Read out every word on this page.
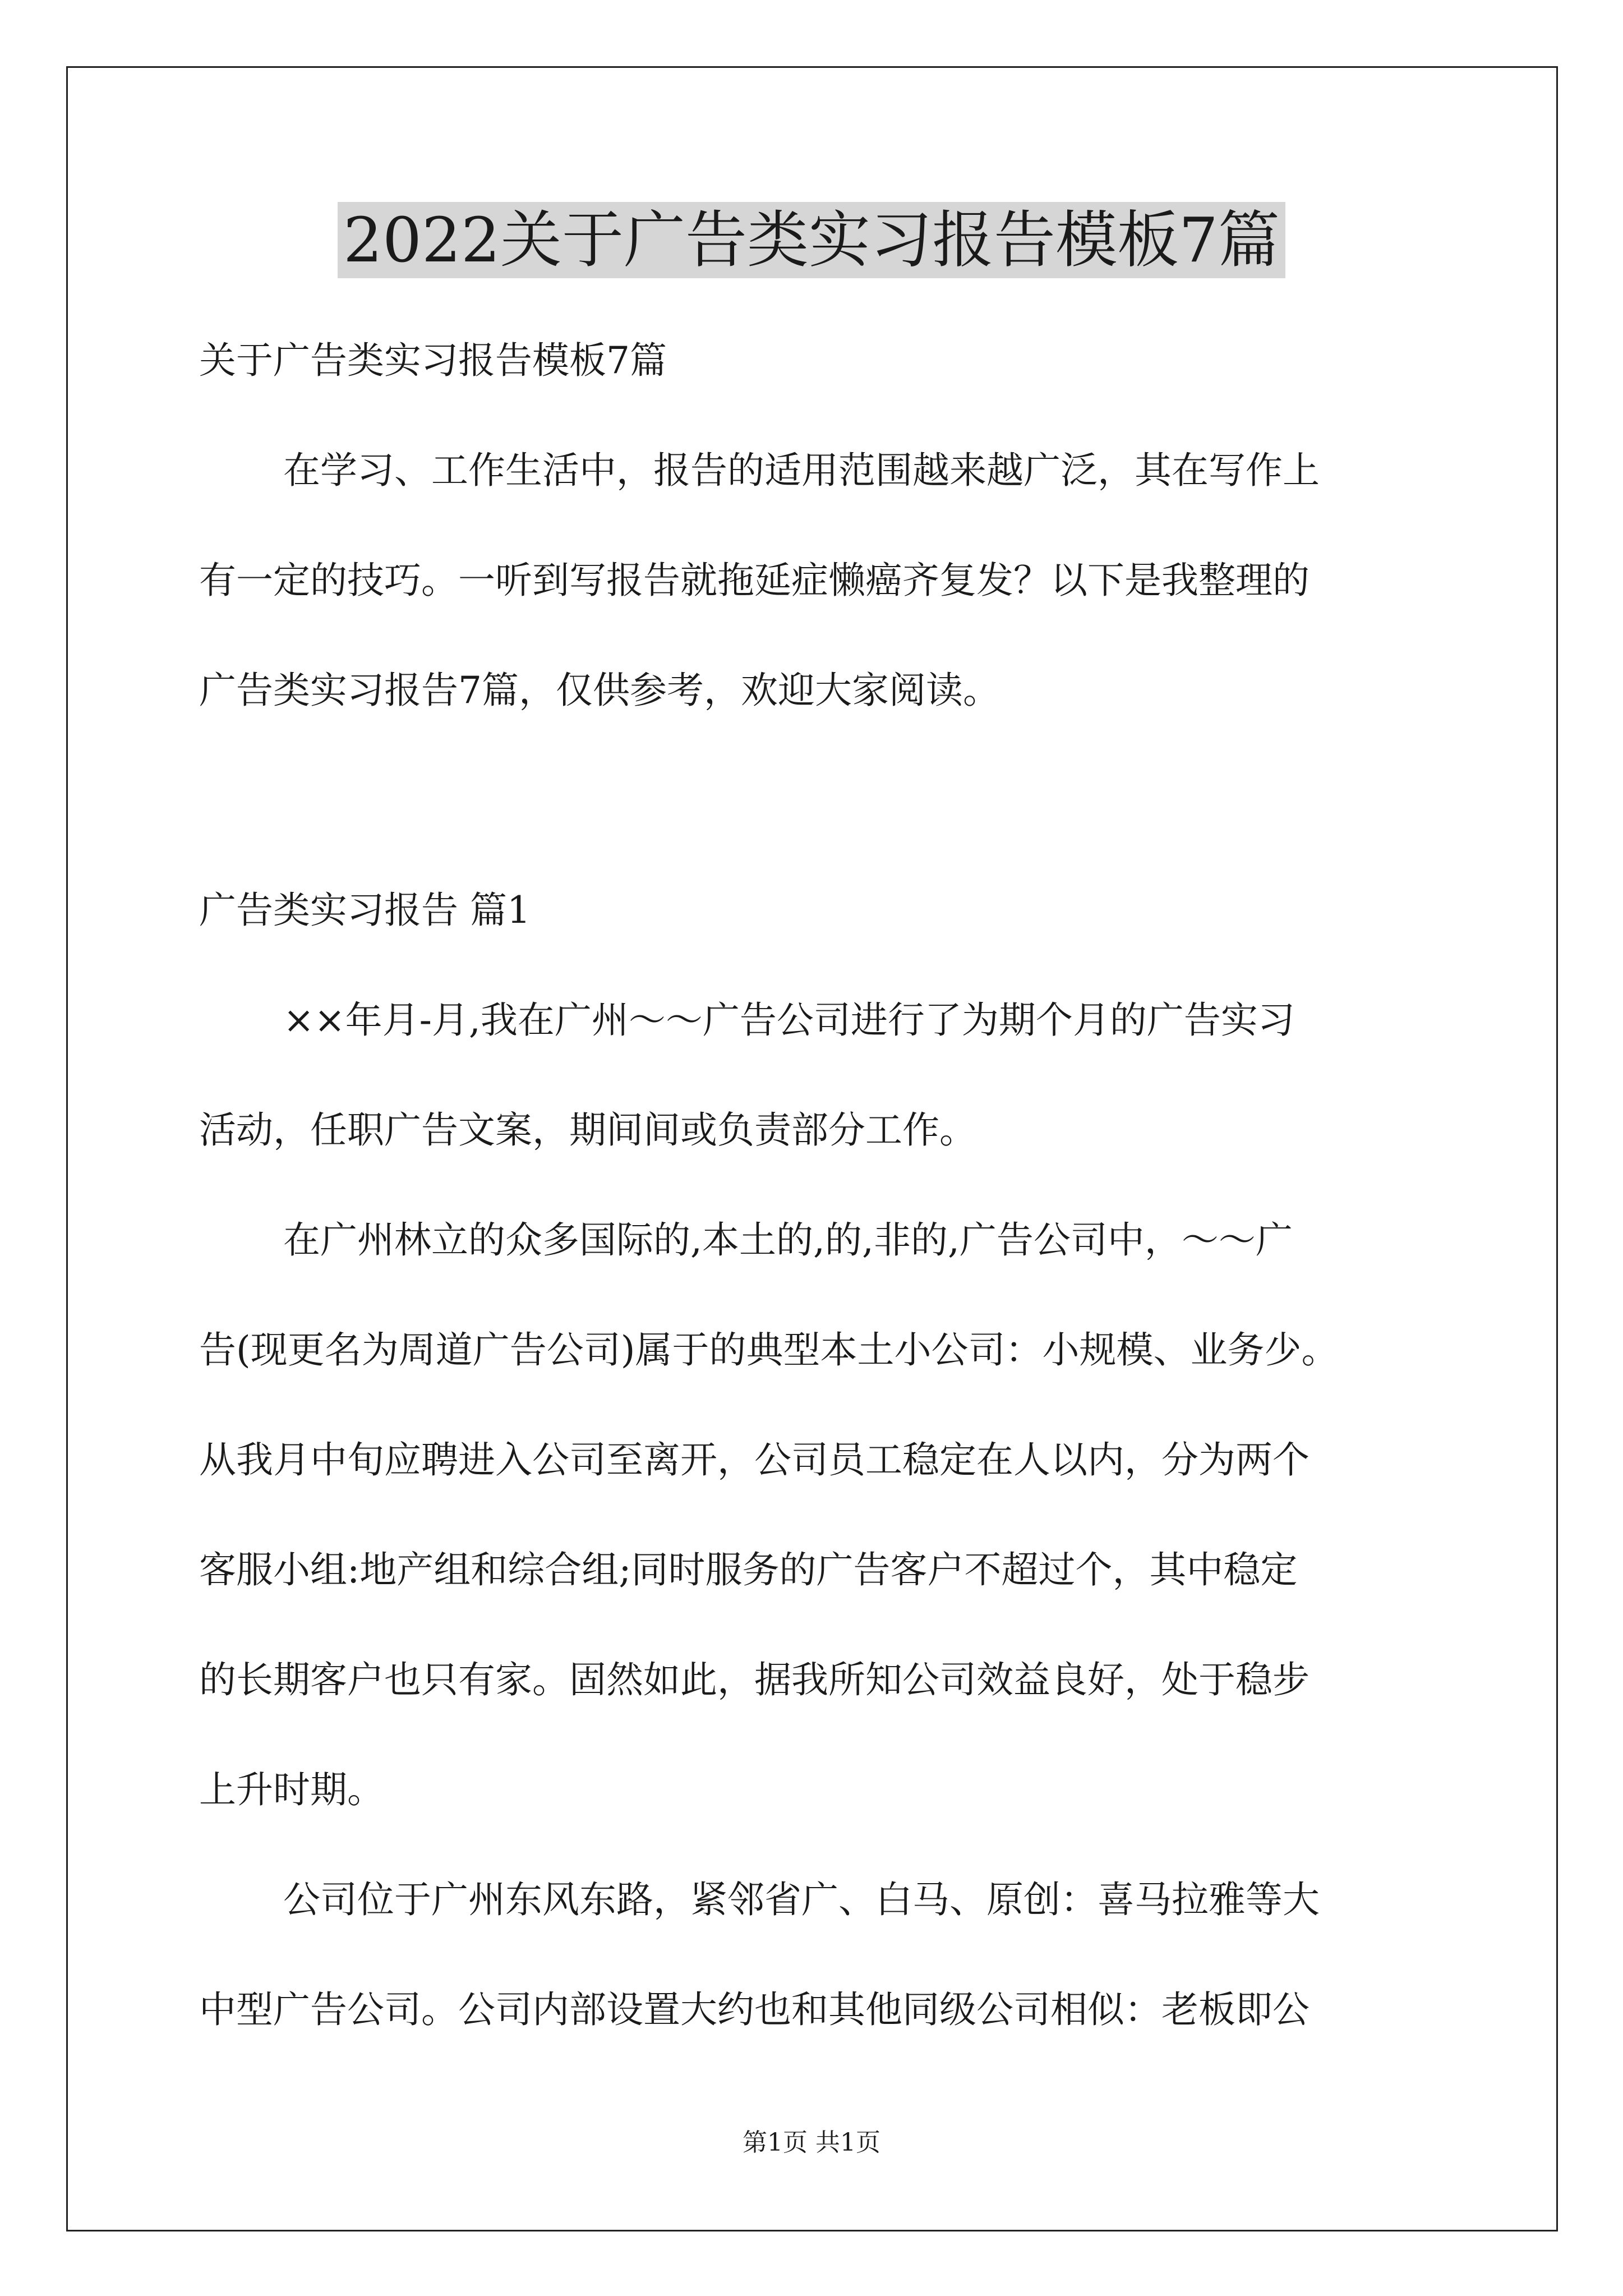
2022关于广告类实习报告模板7篇
关于广告类实习报告模板7篇
在学习、工作生活中，报告的适用范围越来越广泛，其在写作上
有一定的技巧。一听到写报告就拖延症懒癌齐复发？以下是我整理的
广告类实习报告7篇，仅供参考，欢迎大家阅读。
广告类实习报告 篇1
××年月-月,我在广州～～广告公司进行了为期个月的广告实习
活动，任职广告文案，期间间或负责部分工作。
在广州林立的众多国际的,本土的,的,非的,广告公司中，～～广
告(现更名为周道广告公司)属于的典型本土小公司：小规模、业务少。
从我月中旬应聘进入公司至离开，公司员工稳定在人以内，分为两个
客服小组:地产组和综合组;同时服务的广告客户不超过个，其中稳定
的长期客户也只有家。固然如此，据我所知公司效益良好，处于稳步
上升时期。
公司位于广州东风东路，紧邻省广、白马、原创：喜马拉雅等大
中型广告公司。公司内部设置大约也和其他同级公司相似：老板即公
第1页 共1页
